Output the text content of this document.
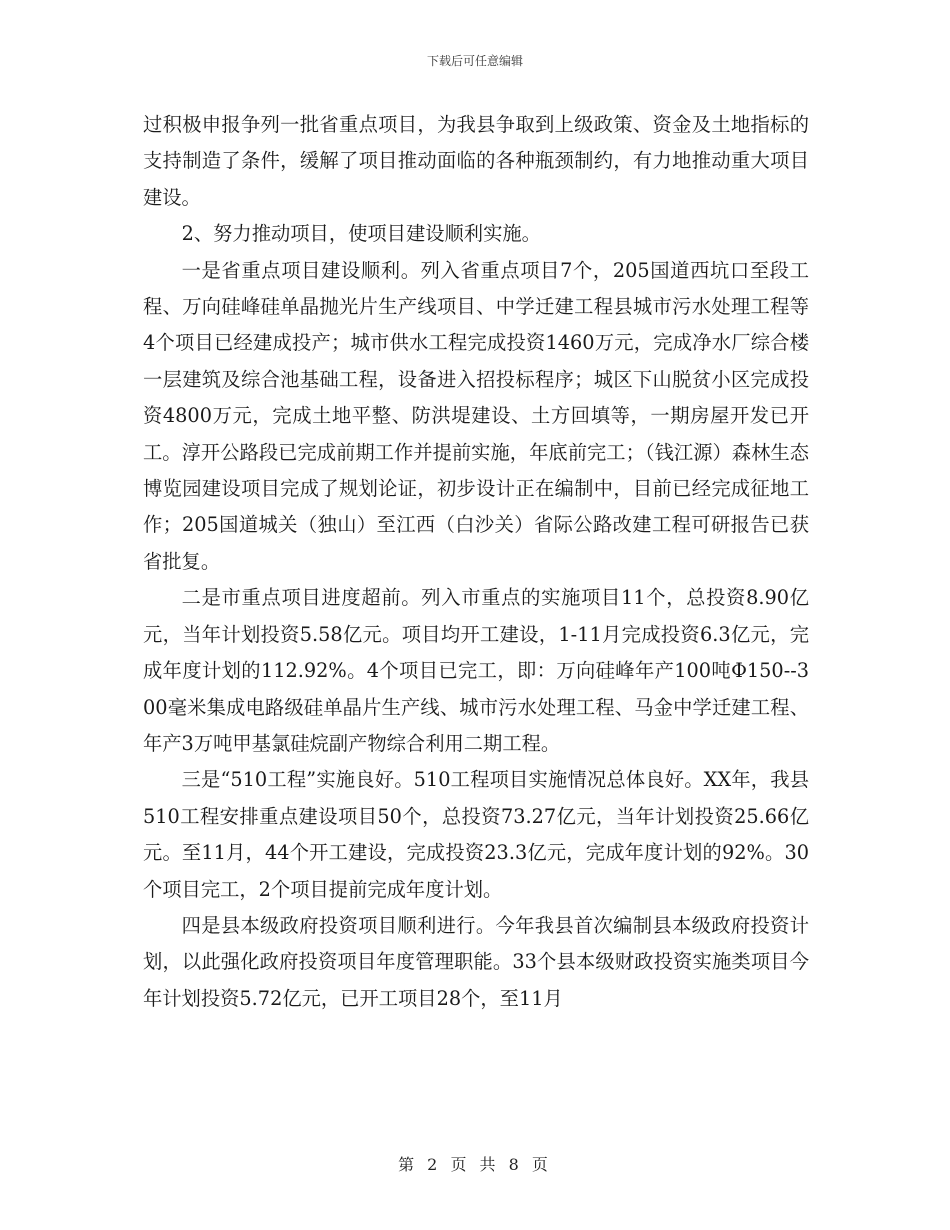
下载后可任意编辑

过积极申报争列一批省重点项目，为我县争取到上级政策、资金及土地指标的支持制造了条件，缓解了项目推动面临的各种瓶颈制约，有力地推动重大项目建设。

2、努力推动项目，使项目建设顺利实施。

一是省重点项目建设顺利。列入省重点项目7个，205国道西坑口至段工程、万向硅峰硅单晶抛光片生产线项目、中学迁建工程县城市污水处理工程等4个项目已经建成投产；城市供水工程完成投资1460万元，完成净水厂综合楼一层建筑及综合池基础工程，设备进入招投标程序；城区下山脱贫小区完成投资4800万元，完成土地平整、防洪堤建设、土方回填等，一期房屋开发已开工。淳开公路段已完成前期工作并提前实施，年底前完工；（钱江源）森林生态博览园建设项目完成了规划论证，初步设计正在编制中，目前已经完成征地工作；205国道城关（独山）至江西（白沙关）省际公路改建工程可研报告已获省批复。

二是市重点项目进度超前。列入市重点的实施项目11个，总投资8.90亿元，当年计划投资5.58亿元。项目均开工建设，1-11月完成投资6.3亿元，完成年度计划的112.92%。4个项目已完工，即：万向硅峰年产100吨Φ150--300毫米集成电路级硅单晶片生产线、城市污水处理工程、马金中学迁建工程、年产3万吨甲基氯硅烷副产物综合利用二期工程。

三是“510工程”实施良好。510工程项目实施情况总体良好。XX年，我县510工程安排重点建设项目50个，总投资73.27亿元，当年计划投资25.66亿元。至11月，44个开工建设，完成投资23.3亿元，完成年度计划的92%。30个项目完工，2个项目提前完成年度计划。

四是县本级政府投资项目顺利进行。今年我县首次编制县本级政府投资计划，以此强化政府投资项目年度管理职能。33个县本级财政投资实施类项目今年计划投资5.72亿元，已开工项目28个，至11月

第 2 页 共 8 页
